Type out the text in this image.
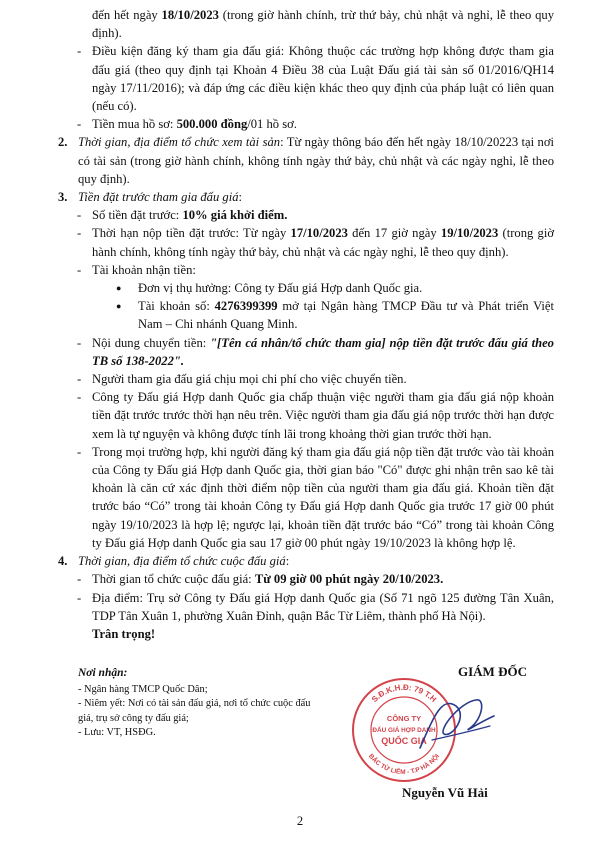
đến hết ngày 18/10/2023 (trong giờ hành chính, trừ thứ bảy, chủ nhật và nghỉ, lễ theo quy định).

- Điều kiện đăng ký tham gia đấu giá: Không thuộc các trường hợp không được tham gia đấu giá (theo quy định tại Khoản 4 Điều 38 của Luật Đấu giá tài sản số 01/2016/QH14 ngày 17/11/2016); và đáp ứng các điều kiện khác theo quy định của pháp luật có liên quan (nếu có).

- Tiền mua hồ sơ: 500.000 đồng/01 hồ sơ.

2. Thời gian, địa điểm tổ chức xem tài sản: Từ ngày thông báo đến hết ngày 18/10/20223 tại nơi có tài sản (trong giờ hành chính, không tính ngày thứ bảy, chủ nhật và các ngày nghỉ, lễ theo quy định).

3. Tiền đặt trước tham gia đấu giá:

- Số tiền đặt trước: 10% giá khởi điểm.

- Thời hạn nộp tiền đặt trước: Từ ngày 17/10/2023 đến 17 giờ ngày 19/10/2023 (trong giờ hành chính, không tính ngày thứ bảy, chủ nhật và các ngày nghỉ, lễ theo quy định).

- Tài khoản nhận tiền:

● Đơn vị thụ hưởng: Công ty Đấu giá Hợp danh Quốc gia.

● Tài khoản số: 4276399399 mở tại Ngân hàng TMCP Đầu tư và Phát triển Việt Nam – Chi nhánh Quang Minh.

- Nội dung chuyển tiền: "[Tên cá nhân/tổ chức tham gia] nộp tiền đặt trước đấu giá theo TB số 138-2022".

- Người tham gia đấu giá chịu mọi chi phí cho việc chuyển tiền.

- Công ty Đấu giá Hợp danh Quốc gia chấp thuận việc người tham gia đấu giá nộp khoản tiền đặt trước trước thời hạn nêu trên. Việc người tham gia đấu giá nộp trước thời hạn được xem là tự nguyện và không được tính lãi trong khoảng thời gian trước thời hạn.

- Trong mọi trường hợp, khi người đăng ký tham gia đấu giá nộp tiền đặt trước vào tài khoản của Công ty Đấu giá Hợp danh Quốc gia, thời gian báo "Có" được ghi nhận trên sao kê tài khoản là căn cứ xác định thời điểm nộp tiền của người tham gia đấu giá. Khoản tiền đặt trước báo “Có” trong tài khoản Công ty Đấu giá Hợp danh Quốc gia trước 17 giờ 00 phút ngày 19/10/2023 là hợp lệ; ngược lại, khoản tiền đặt trước báo “Có” trong tài khoản Công ty Đấu giá Hợp danh Quốc gia sau 17 giờ 00 phút ngày 19/10/2023 là không hợp lệ.

4. Thời gian, địa điểm tổ chức cuộc đấu giá:

- Thời gian tổ chức cuộc đấu giá: Từ 09 giờ 00 phút ngày 20/10/2023.

- Địa điểm: Trụ sở Công ty Đấu giá Hợp danh Quốc gia (Số 71 ngõ 125 đường Tân Xuân, TDP Tân Xuân 1, phường Xuân Đỉnh, quận Bắc Từ Liêm, thành phố Hà Nội).

Trân trọng!

Nơi nhận:
- Ngân hàng TMCP Quốc Dân;
- Niêm yết: Nơi có tài sản đấu giá, nơi tổ chức cuộc đấu giá, trụ sở công ty đấu giá;
- Lưu: VT, HSĐG.
S.Đ.K.H.Đ: 79 T.H
BẮC TỪ LIÊM - T.P HÀ NỘI
CÔNG TY
ĐẤU GIÁ HỢP DANH
QUỐC GIA
GIÁM ĐỐC
Nguyễn Vũ Hải
2
